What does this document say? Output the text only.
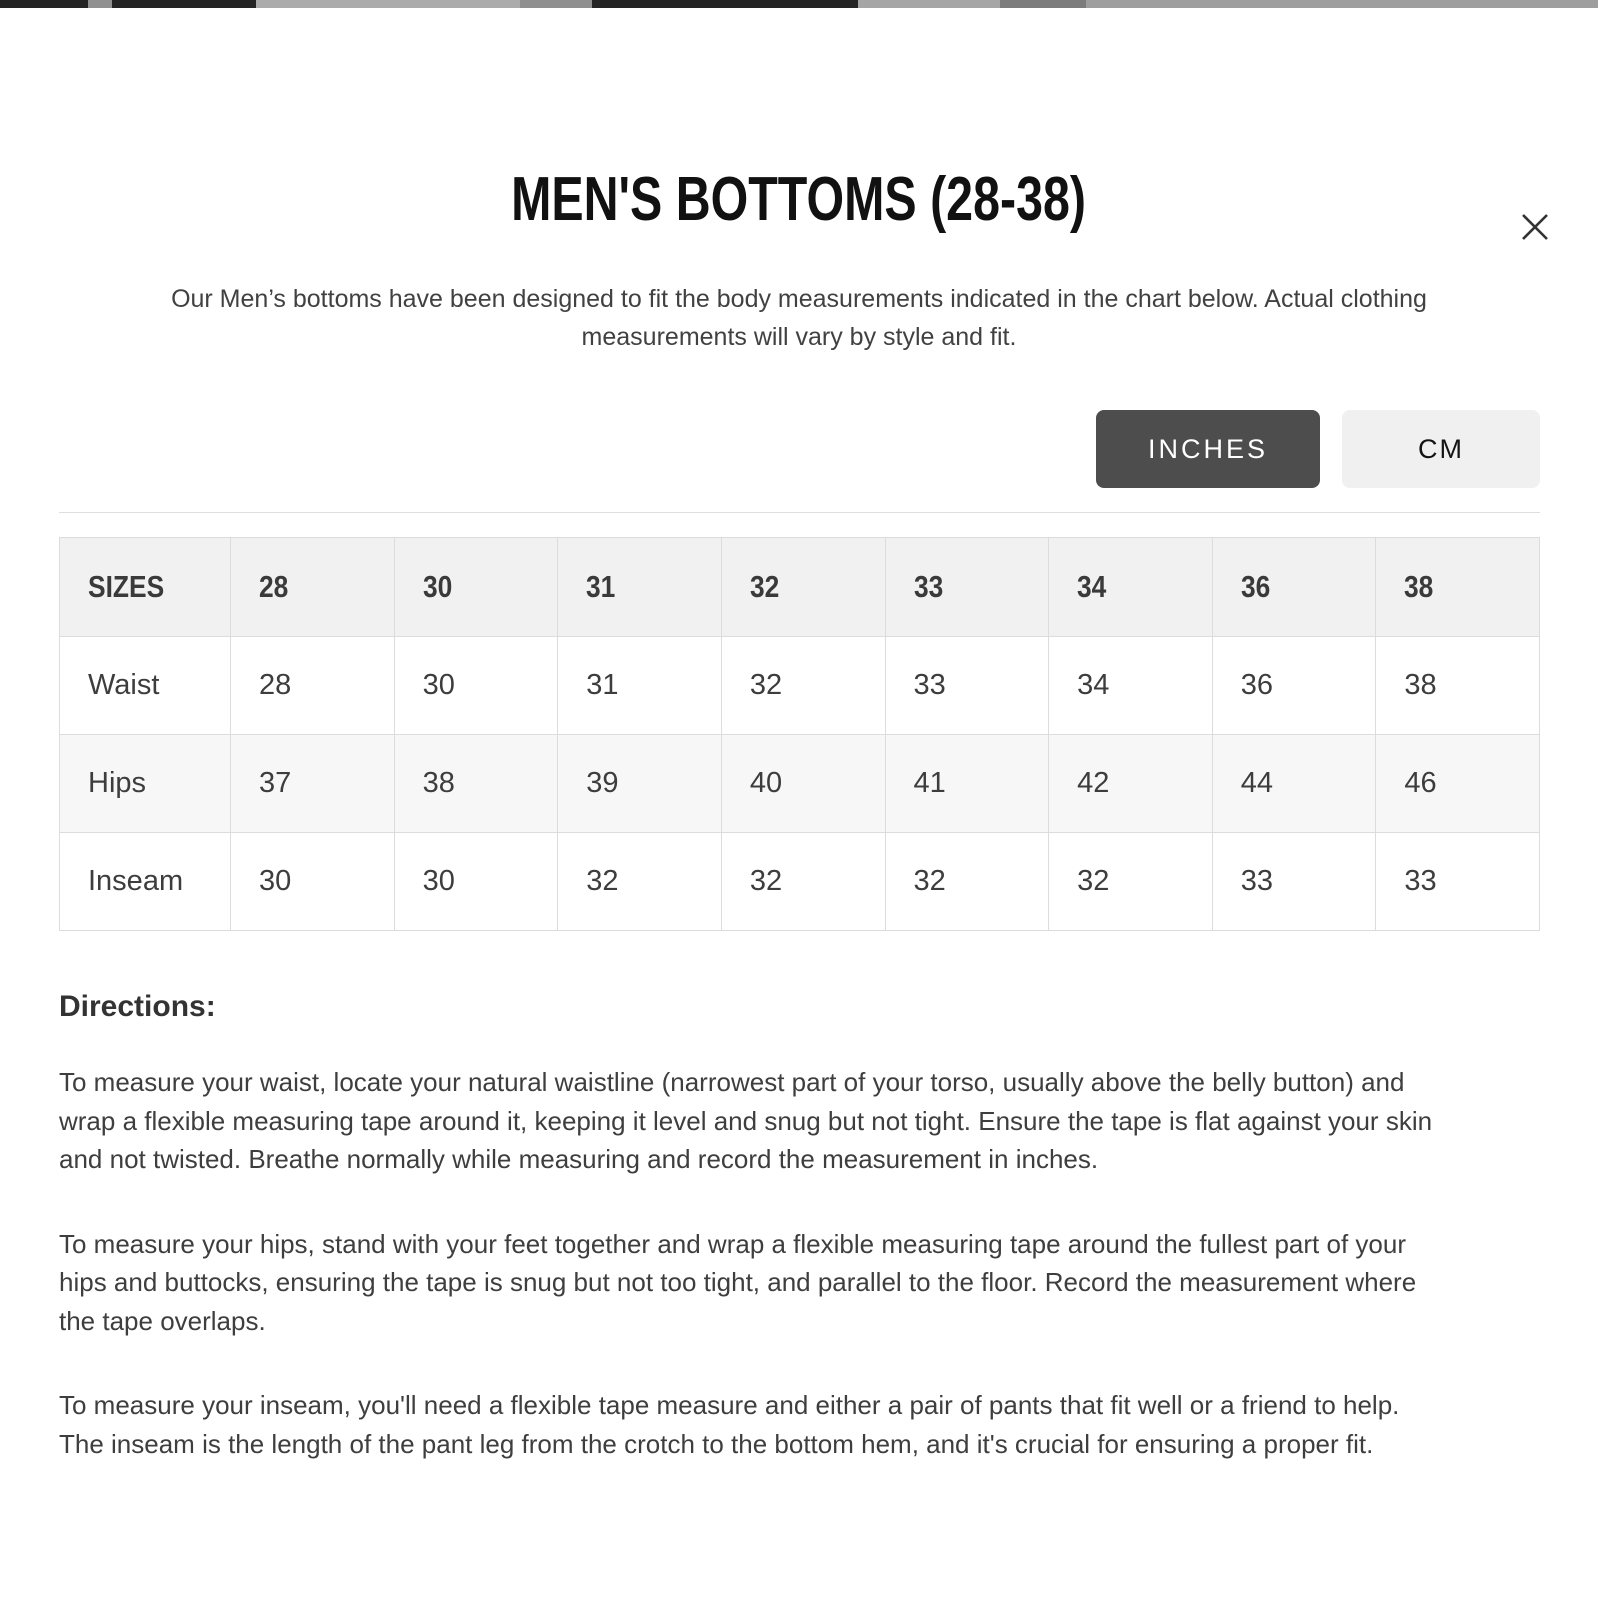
MEN'S BOTTOMS (28-38)

Our Men’s bottoms have been designed to fit the body measurements indicated in the chart below. Actual clothing
measurements will vary by style and fit.

INCHES	CM
SIZES	28	30	31	32	33	34	36	38
Waist	28	30	31	32	33	34	36	38
Hips	37	38	39	40	41	42	44	46
Inseam	30	30	32	32	32	32	33	33
Directions:

To measure your waist, locate your natural waistline (narrowest part of your torso, usually above the belly button) and
wrap a flexible measuring tape around it, keeping it level and snug but not tight. Ensure the tape is flat against your skin
and not twisted. Breathe normally while measuring and record the measurement in inches.

To measure your hips, stand with your feet together and wrap a flexible measuring tape around the fullest part of your
hips and buttocks, ensuring the tape is snug but not too tight, and parallel to the floor. Record the measurement where
the tape overlaps.

To measure your inseam, you'll need a flexible tape measure and either a pair of pants that fit well or a friend to help.
The inseam is the length of the pant leg from the crotch to the bottom hem, and it's crucial for ensuring a proper fit.
